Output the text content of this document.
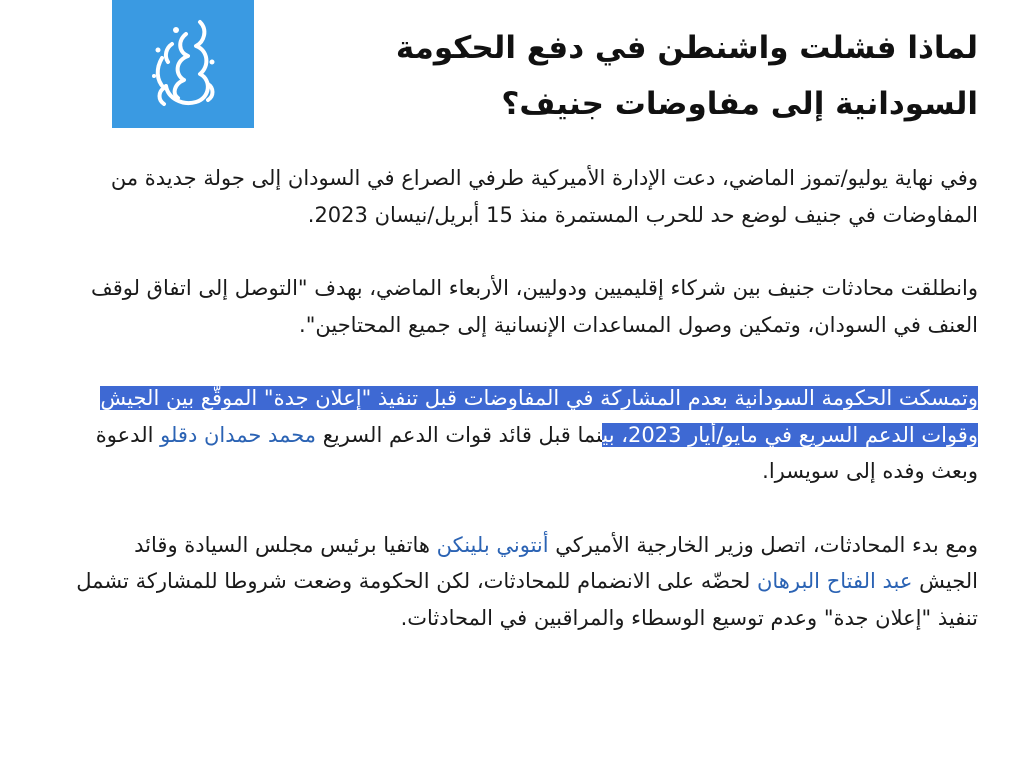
لماذا فشلت واشنطن في دفع الحكومة السودانية إلى مفاوضات جنيف؟

وفي نهاية يوليو/تموز الماضي، دعت الإدارة الأميركية طرفي الصراع في السودان إلى جولة جديدة من المفاوضات في جنيف لوضع حد للحرب المستمرة منذ 15 أبريل/نيسان 2023.

وانطلقت محادثات جنيف بين شركاء إقليميين ودوليين، الأربعاء الماضي، بهدف "التوصل إلى اتفاق لوقف العنف في السودان، وتمكين وصول المساعدات الإنسانية إلى جميع المحتاجين".

وتمسكت الحكومة السودانية بعدم المشاركة في المفاوضات قبل تنفيذ "إعلان جدة" الموقّع بين الجيش وقوات الدعم السريع في مايو/أيار 2023، بينما قبل قائد قوات الدعم السريع محمد حمدان دقلو الدعوة وبعث وفده إلى سويسرا.

ومع بدء المحادثات، اتصل وزير الخارجية الأميركي أنتوني بلينكن هاتفيا برئيس مجلس السيادة وقائد الجيش عبد الفتاح البرهان لحضّه على الانضمام للمحادثات، لكن الحكومة وضعت شروطا للمشاركة تشمل تنفيذ "إعلان جدة" وعدم توسيع الوسطاء والمراقبين في المحادثات.
